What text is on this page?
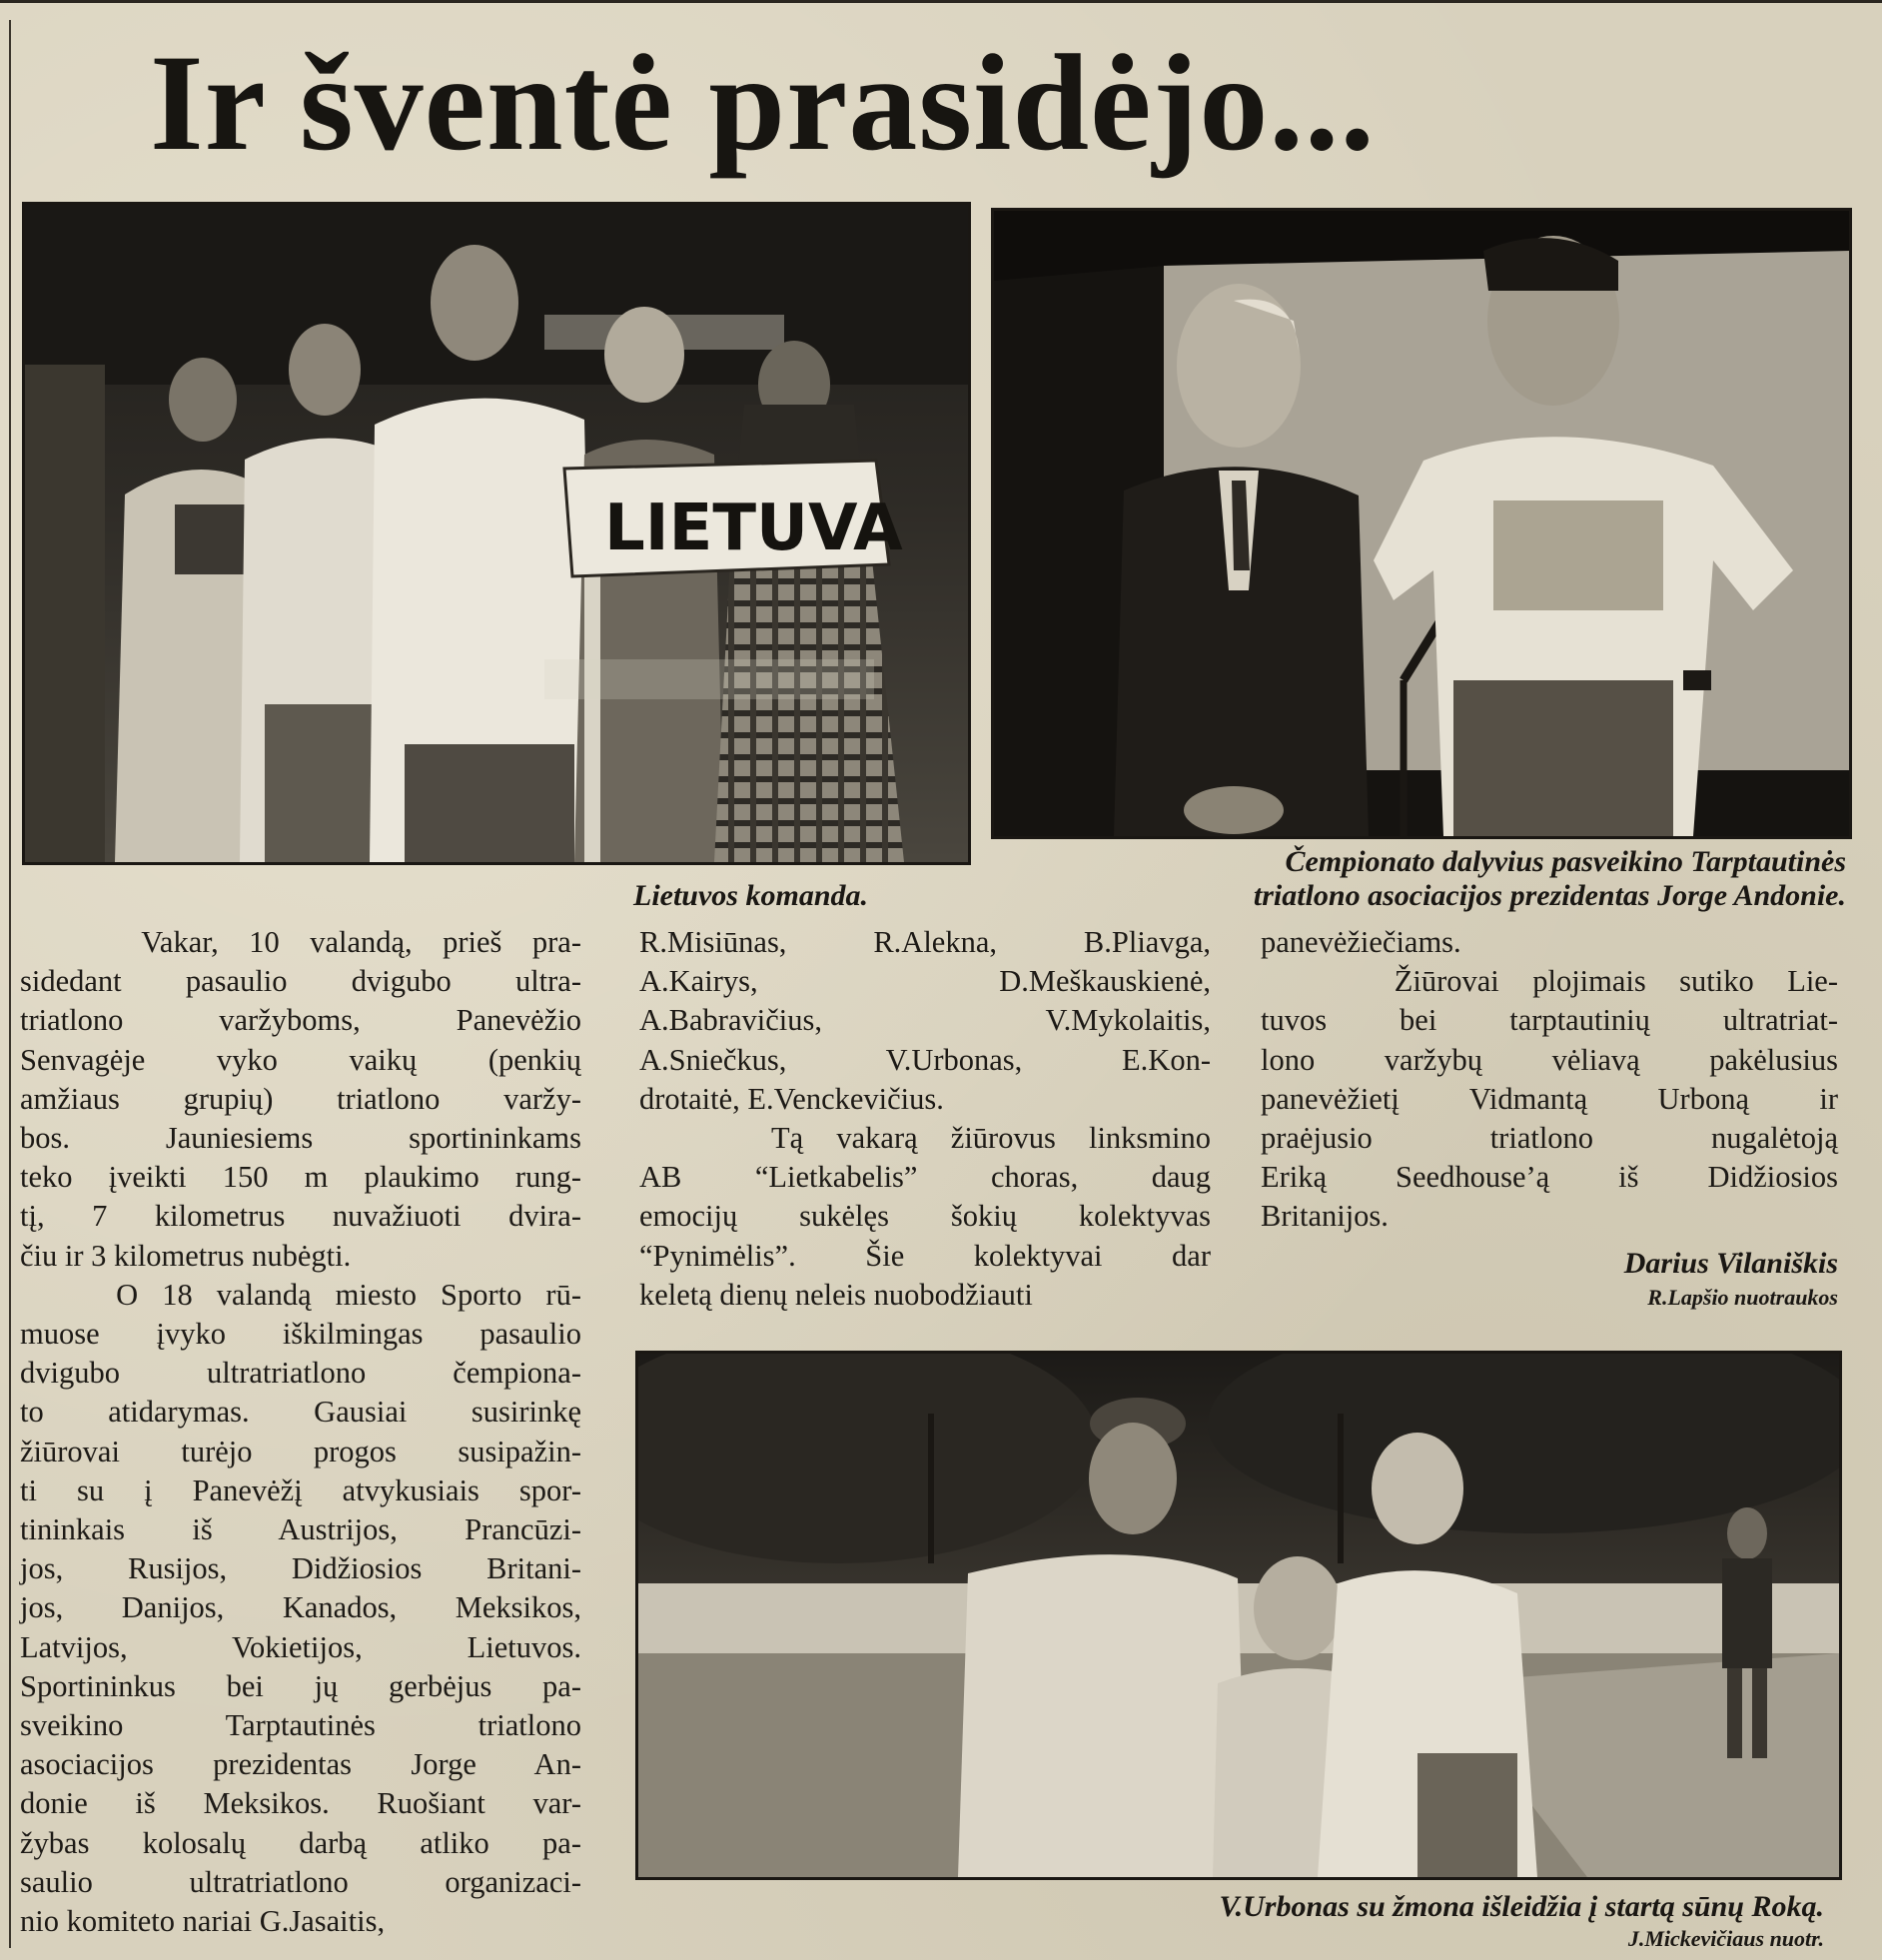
Ir šventė prasidėjo...
LIETUVA
Lietuvos komanda.
Čempionato dalyvius pasveikino Tarptautinės
triatlono asociacijos prezidentas Jorge Andonie.
Vakar, 10 valandą, prieš pra-
sidedant pasaulio dvigubo ultra-
triatlono varžyboms, Panevėžio
Senvagėje vyko vaikų (penkių
amžiaus grupių) triatlono varžy-
bos. Jauniesiems sportininkams
teko įveikti 150 m plaukimo rung-
tį, 7 kilometrus nuvažiuoti dvira-
čiu ir 3 kilometrus nubėgti.
O 18 valandą miesto Sporto rū-
muose įvyko iškilmingas pasaulio
dvigubo ultratriatlono čempiona-
to atidarymas. Gausiai susirinkę
žiūrovai turėjo progos susipažin-
ti su į Panevėžį atvykusiais spor-
tininkais iš Austrijos, Prancūzi-
jos, Rusijos, Didžiosios Britani-
jos, Danijos, Kanados, Meksikos,
Latvijos, Vokietijos, Lietuvos.
Sportininkus bei jų gerbėjus pa-
sveikino Tarptautinės triatlono
asociacijos prezidentas Jorge An-
donie iš Meksikos. Ruošiant var-
žybas kolosalų darbą atliko pa-
saulio ultratriatlono organizaci-
nio komiteto nariai G.Jasaitis,
R.Misiūnas, R.Alekna, B.Pliavga,
A.Kairys, D.Meškauskienė,
A.Babravičius, V.Mykolaitis,
A.Sniečkus, V.Urbonas, E.Kon-
drotaitė, E.Venckevičius.
Tą vakarą žiūrovus linksmino
AB “Lietkabelis” choras, daug
emocijų sukėlęs šokių kolektyvas
“Pynimėlis”. Šie kolektyvai dar
keletą dienų neleis nuobodžiauti
panevėžiečiams.
Žiūrovai plojimais sutiko Lie-
tuvos bei tarptautinių ultratriat-
lono varžybų vėliavą pakėlusius
panevėžietį Vidmantą Urboną ir
praėjusio triatlono nugalėtoją
Eriką Seedhouse’ą iš Didžiosios
Britanijos.
Darius Vilaniškis
R.Lapšio nuotraukos
V.Urbonas su žmona išleidžia į startą sūnų Roką.
J.Mickevičiaus nuotr.
